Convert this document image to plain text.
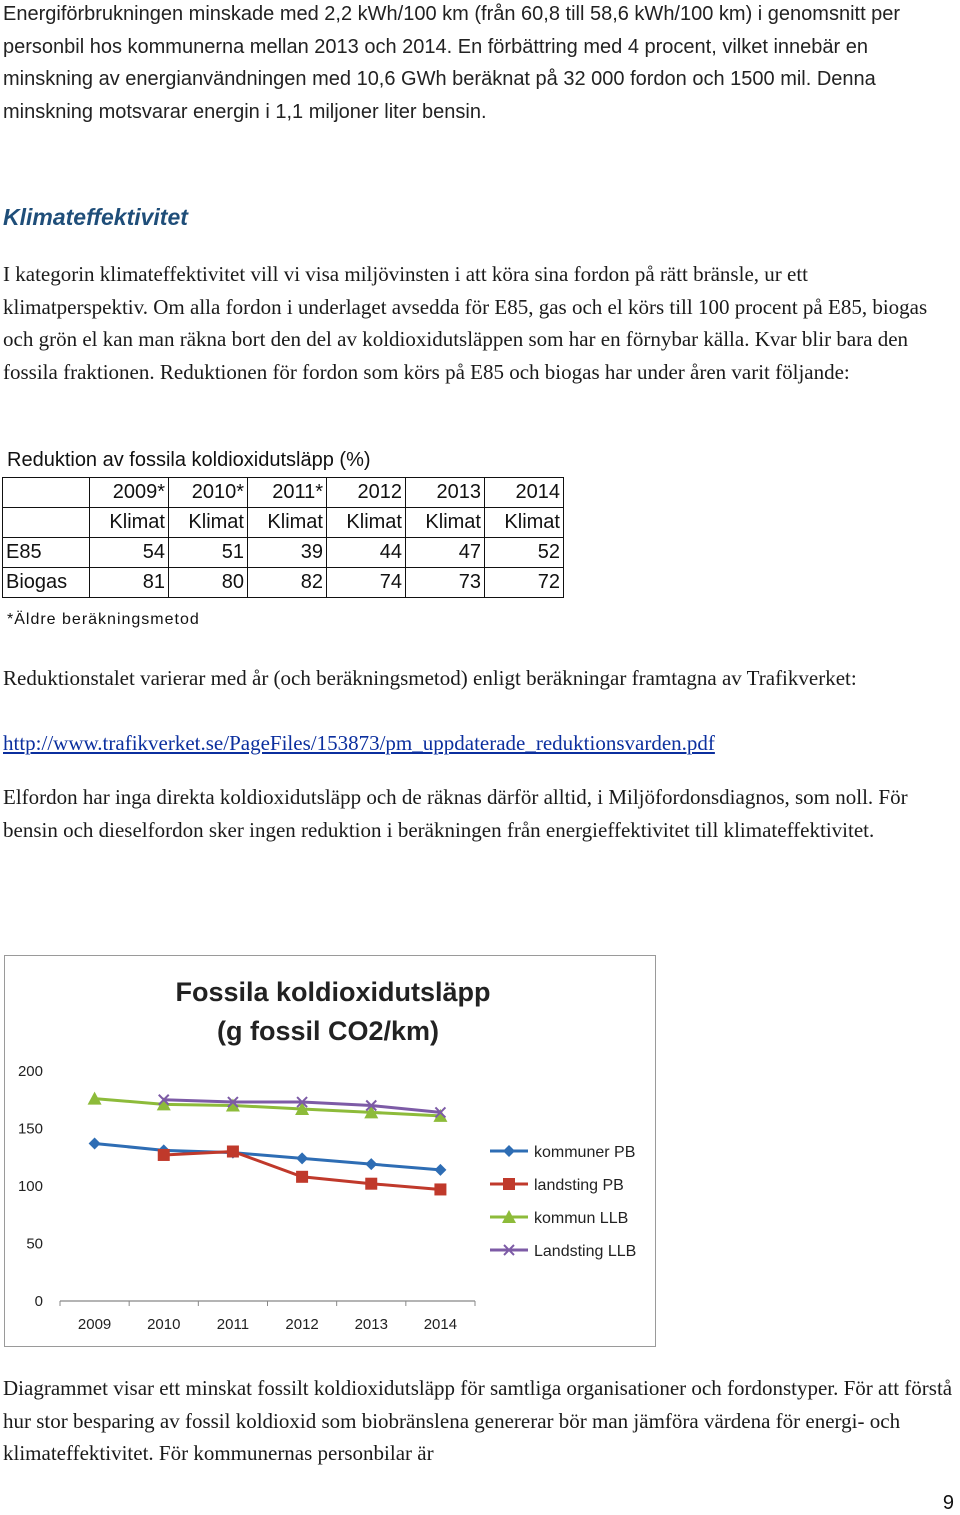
Energiförbrukningen minskade med 2,2 kWh/100 km (från 60,8 till 58,6 kWh/100 km) i genomsnitt per personbil hos kommunerna mellan 2013 och 2014. En förbättring med 4 procent, vilket innebär en minskning av energianvändningen med 10,6 GWh beräknat på 32 000 fordon och 1500 mil. Denna minskning motsvarar energin i 1,1 miljoner liter bensin.

Klimateffektivitet

I kategorin klimateffektivitet vill vi visa miljövinsten i att köra sina fordon på rätt bränsle, ur ett klimatperspektiv. Om alla fordon i underlaget avsedda för E85, gas och el körs till 100 procent på E85, biogas och grön el kan man räkna bort den del av koldioxidutsläppen som har en förnybar källa. Kvar blir bara den fossila fraktionen. Reduktionen för fordon som körs på E85 och biogas har under åren varit följande:

Reduktion av fossila koldioxidutsläpp (%)
	2009*	2010*	2011*	2012	2013	2014
	Klimat	Klimat	Klimat	Klimat	Klimat	Klimat
E85	54	51	39	44	47	52
Biogas	81	80	82	74	73	72
*Äldre beräkningsmetod

Reduktionstalet varierar med år (och beräkningsmetod) enligt beräkningar framtagna av Trafikverket:

http://www.trafikverket.se/PageFiles/153873/pm_uppdaterade_reduktionsvarden.pdf

Elfordon har inga direkta koldioxidutsläpp och de räknas därför alltid, i Miljöfordonsdiagnos, som noll. För bensin och dieselfordon sker ingen reduktion i beräkningen från energieffektivitet till klimateffektivitet.

Fossila koldioxidutsläpp
(g fossil CO2/km)
0
50
100
150
200
2009 2010 2011 2012 2013 2014
kommuner PB
landsting PB
kommun LLB
Landsting LLB

Diagrammet visar ett minskat fossilt koldioxidutsläpp för samtliga organisationer och fordonstyper. För att förstå hur stor besparing av fossil koldioxid som biobränslena genererar bör man jämföra värdena för energi- och klimateffektivitet. För kommunernas personbilar är

9
